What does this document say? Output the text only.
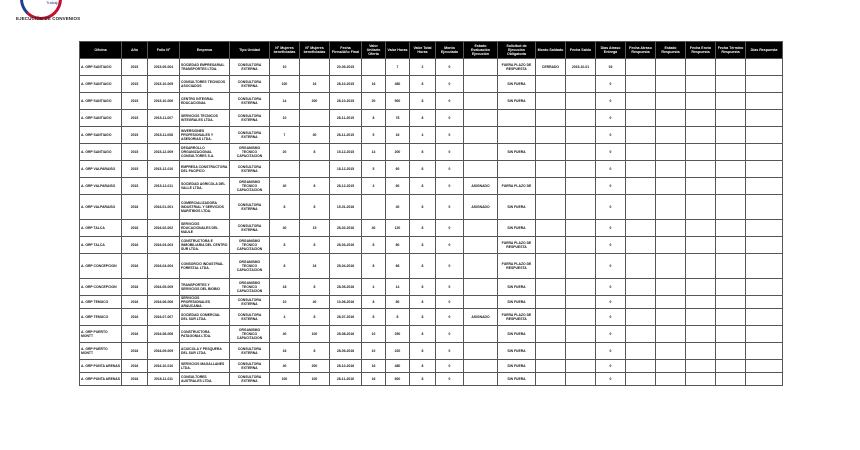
Trabajo
EJECUCIÓN DE CONVENIOS
Oficina	Año	Folio N°	Empresa	Tipo Unidad	N° Mujeres beneficiadas	N° Mujeres beneficiadas	Fecha Firma/Año Final	Valor Unitario Oferta	Valor Horas	Valor Total Horas	Monto Ejecutado	Estado Evaluación Ejecución	Solicitud de Ejecución Obligatoria	Monto Saldado	Fecha Saldo	Días Atraso Entrega	Fecha Atraso Respuesta	Estado Respuesta	Fecha Envío Respuesta	Fecha Término Respuesta	Días Respuesta
A. GRP SANTIAGO	2015	2015-09-004	SOCIEDAD EMPRESARIAL TRANSPORTES LTDA.	CONSULTORA EXTERNA	10		20-09-2015		7	2	0		FUERA PLAZO DE RESPUESTA	CERRADO	2015-10-01	03					
A. GRP SANTIAGO	2015	2015-10-005	CONSULTORES TECNICOS ASOCIADOS	CONSULTORA EXTERNA	100	16	28-10-2015	16	480	8	0		SIN FUERA			0					
A. GRP SANTIAGO	2015	2015-10-006	CENTRO INTEGRAL EDUCACIONAL	CONSULTORA EXTERNA	14	200	28-10-2015	20	500	8	0		SIN FUERA			0					
A. GRP SANTIAGO	2015	2015-11-007	SERVICIOS TECNICOS INTEGRALES LTDA.	CONSULTORA EXTERNA	10		28-11-2015	8	78	8	0					0					
A. GRP SANTIAGO	2015	2015-11-008	INVERSIONES PROFESIONALES Y ASESORIAS LTDA.	CONSULTORA EXTERNA	7	30	28-11-2015	5	16	4	0					0					
A. GRP SANTIAGO	2015	2015-12-009	DESARROLLO ORGANIZACIONAL CONSULTORES S.A.	ORGANISMO TECNICO CAPACITACION	20	8	15-12-2015	14	200	8	0		SIN FUERA			0					
A. GRP VALPARAISO	2015	2015-12-010	EMPRESA CONSTRUCTORA DEL PACIFICO	CONSULTORA EXTERNA			18-12-2015	5	60	8	0					0					
A. GRP VALPARAISO	2015	2015-12-011	SOCIEDAD AGRICOLA DEL VALLE LTDA.	ORGANISMO TECNICO CAPACITACION	40	8	28-12-2015	4	60	8	0	ASIGNADO	FUERA PLAZO DE			0					
A. GRP VALPARAISO	2016	2016-01-001	COMERCIALIZADORA INDUSTRIAL Y SERVICIOS MARITIMOS LTDA.	CONSULTORA EXTERNA	8	8	15-01-2016		40	8	0	ASIGNADO	SIN FUERA			0					
A. GRP TALCA	2016	2016-02-002	SERVICIOS EDUCACIONALES DEL MAULE	CONSULTORA EXTERNA	40	15	28-02-2016	40	120	8	0		SIN FUERA			0					
A. GRP TALCA	2016	2016-03-003	CONSTRUCTORA E INMOBILIARIA DEL CENTRO SUR LTDA.	ORGANISMO TECNICO CAPACITACION	8	8	28-03-2016	8	80	8	0		FUERA PLAZO DE RESPUESTA			0					
A. GRP CONCEPCION	2016	2016-04-004	CONSORCIO INDUSTRIAL FORESTAL LTDA.	ORGANISMO TECNICO CAPACITACION	8	16	28-04-2016	8	66	8	0		FUERA PLAZO DE RESPUESTA			0					
A. GRP CONCEPCION	2016	2016-05-005	TRANSPORTES Y SERVICIOS DEL BIOBIO	ORGANISMO TECNICO CAPACITACION	18	8	28-05-2016	4	14	8	0		SIN FUERA			0					
A. GRP TEMUCO	2016	2016-06-006	SERVICIOS PROFESIONALES ARAUCANIA	CONSULTORA EXTERNA	10	40	10-06-2016	8	80	8	0		SIN FUERA			0					
A. GRP TEMUCO	2016	2016-07-007	SOCIEDAD COMERCIAL DEL SUR LTDA.	CONSULTORA EXTERNA	4	8	28-07-2016	8	8	8	0	ASIGNADO	FUERA PLAZO DE RESPUESTA			0					
A. GRP PUERTO MONTT	2016	2016-08-008	CONSTRUCTORA PATAGONIA LTDA.	ORGANISMO TECNICO CAPACITACION	40	100	28-08-2016	10	250	8	0		SIN FUERA			0					
A. GRP PUERTO MONTT	2016	2016-09-009	ACUICOLA Y PESQUERA DEL SUR LTDA.	CONSULTORA EXTERNA	16	8	28-09-2016	10	220	8	0		SIN FUERA			0					
A. GRP PUNTA ARENAS	2016	2016-10-010	SERVICIOS MAGALLANES LTDA.	CONSULTORA EXTERNA	40	200	28-10-2016	16	480	8	0		SIN FUERA			0					
A. GRP PUNTA ARENAS	2016	2016-11-011	CONSULTORES AUSTRALES LTDA.	CONSULTORA EXTERNA	100	100	28-11-2016	16	600	8	0		SIN FUERA			0					
